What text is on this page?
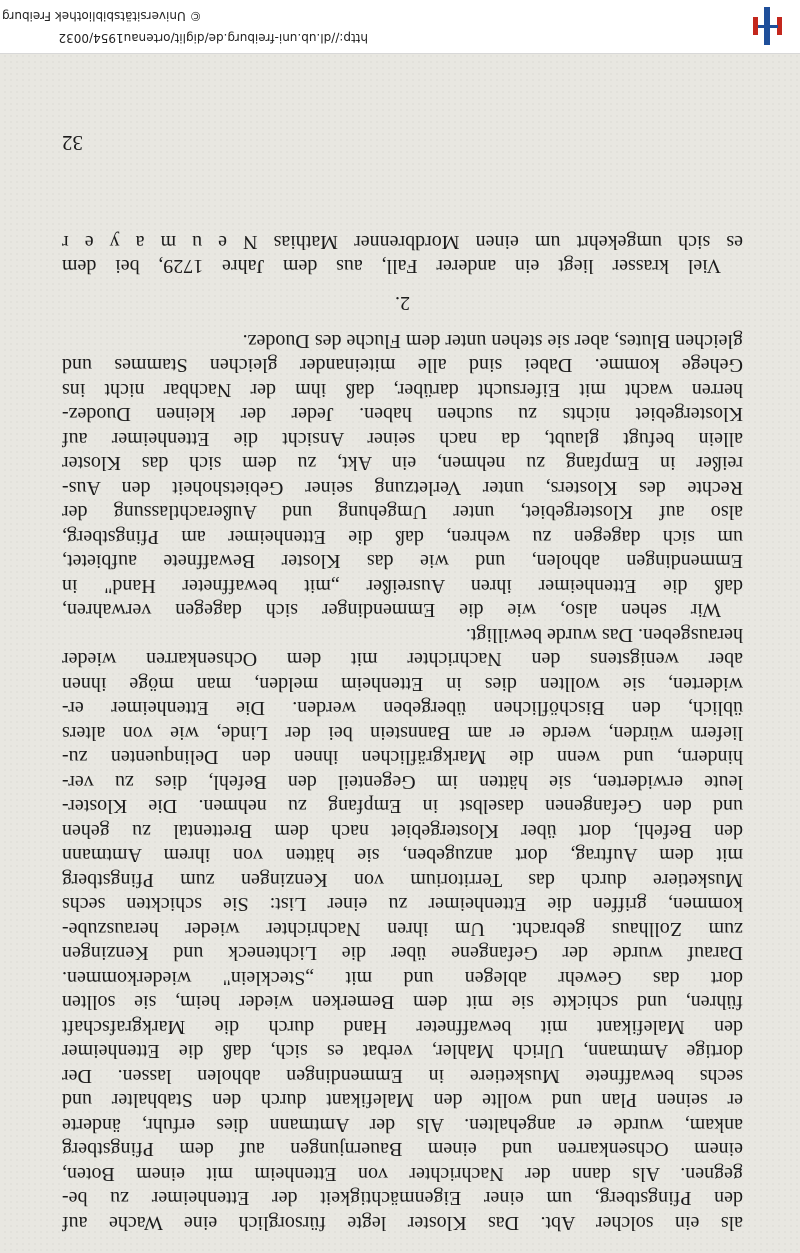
als ein solcher Abt. Das Kloster legte fürsorglich eine Wache auf
den Pfingstberg, um einer Eigenmächtigkeit der Ettenheimer zu be-
gegnen. Als dann der Nachrichter von Ettenheim mit einem Boten,
einem Ochsenkarren und einem Bauernjungen auf dem Pfingstberg
ankam, wurde er angehalten. Als der Amtmann dies erfuhr, änderte
er seinen Plan und wollte den Malefikant durch den Stabhalter und
sechs bewaffnete Musketiere in Emmendingen abholen lassen. Der
dortige Amtmann, Ulrich Mahler, verbat es sich, daß die Ettenheimer
den Malefikant mit bewaffneter Hand durch die Markgrafschaft
führen, und schickte sie mit dem Bemerken wieder heim, sie sollten
dort das Gewehr ablegen und mit „Stecklein" wiederkommen.
Darauf wurde der Gefangene über die Lichteneck und Kenzingen
zum Zollhaus gebracht. Um ihren Nachrichter wieder herauszube-
kommen, griffen die Ettenheimer zu einer List: Sie schickten sechs
Musketiere durch das Territorium von Kenzingen zum Pfingstberg
mit dem Auftrag, dort anzugeben, sie hätten von ihrem Amtmann
den Befehl, dort über Klostergebiet nach dem Brettental zu gehen
und den Gefangenen daselbst in Empfang zu nehmen. Die Kloster-
leute erwiderten, sie hätten im Gegenteil den Befehl, dies zu ver-
hindern, und wenn die Markgräflichen ihnen den Delinquenten zu-
liefern würden, werde er am Bannstein bei der Linde, wie von alters
üblich, den Bischöflichen übergeben werden. Die Ettenheimer er-
widerten, sie wollten dies in Ettenheim melden, man möge ihnen
aber wenigstens den Nachrichter mit dem Ochsenkarren wieder
herausgeben. Das wurde bewilligt.
Wir sehen also, wie die Emmendinger sich dagegen verwahren,
daß die Ettenheimer ihren Ausreißer „mit bewaffneter Hand" in
Emmendingen abholen, und wie das Kloster Bewaffnete aufbietet,
um sich dagegen zu wehren, daß die Ettenheimer am Pfingstberg,
also auf Klostergebiet, unter Umgehung und Außerachtlassung der
Rechte des Klosters, unter Verletzung seiner Gebietshoheit den Aus-
reißer in Empfang zu nehmen, ein Akt, zu dem sich das Kloster
allein befugt glaubt, da nach seiner Ansicht die Ettenheimer auf
Klostergebiet nichts zu suchen haben. Jeder der kleinen Duodez-
herren wacht mit Eifersucht darüber, daß ihm der Nachbar nicht ins
Gehege komme. Dabei sind alle miteinander gleichen Stammes und
gleichen Blutes, aber sie stehen unter dem Fluche des Duodez.
2.
Viel krasser liegt ein anderer Fall, aus dem Jahre 1729, bei dem
es sich umgekehrt um einen Mordbrenner Mathias N e u m a y e r
32
http://dl.ub.uni-freiburg.de/diglit/ortenau1954/0032
© Universitätsbibliothek Freiburg
